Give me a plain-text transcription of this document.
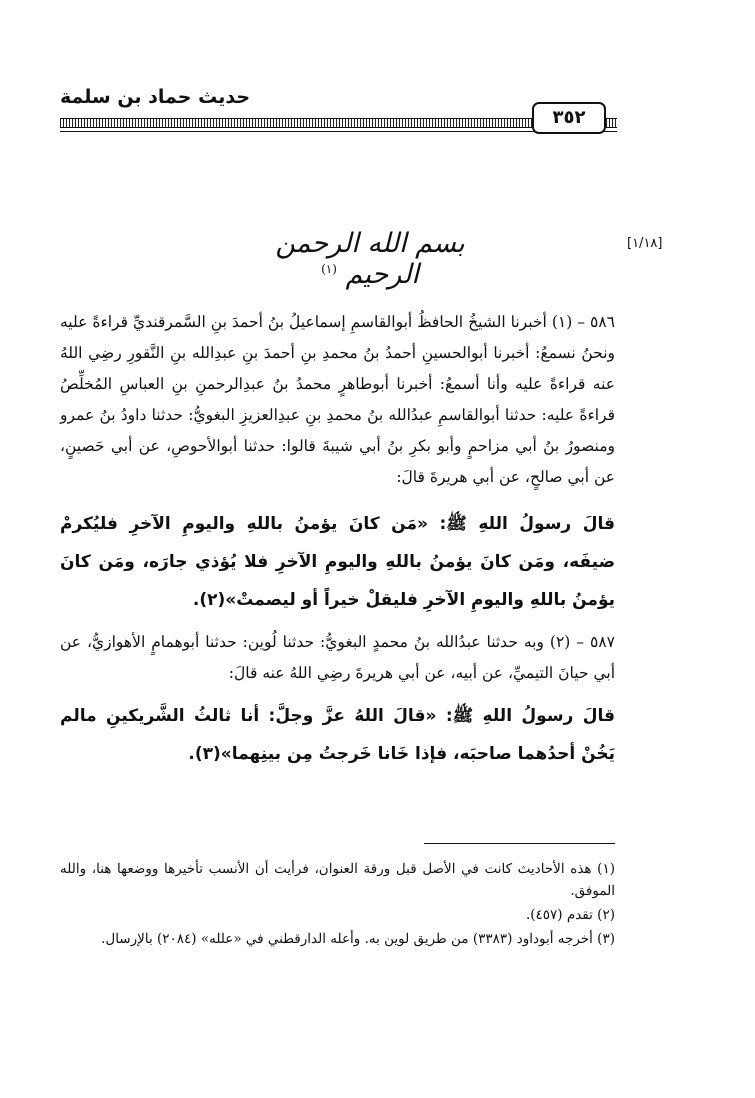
حديث حماد بن سلمة
٣٥٢
بسم الله الرحمن الرحيم $^{(١)}$
[١/١٨]

٥٨٦ – (١) أخبرنا الشيخُ الحافظُ أبوالقاسمِ إسماعيلُ بنُ أحمدَ بنِ السَّمرقنديِّ قراءةً عليه ونحنُ نسمعُ: أخبرنا أبوالحسينِ أحمدُ بنُ محمدِ بنِ أحمدَ بنِ عبدِالله بنِ النَّقورِ رضِي اللهُ عنه قراءةً عليه وأنا أسمعُ: أخبرنا أبوطاهرٍ محمدُ بنُ عبدِالرحمنِ بنِ العباسِ المُخلِّصُ قراءةً عليه: حدثنا أبوالقاسمِ عبدُالله بنُ محمدِ بنِ عبدِالعزيزِ البغويُّ: حدثنا داودُ بنُ عمرو ومنصورُ بنُ أبي مزاحمٍ وأبو بكرِ بنُ أبي شيبةَ قالوا: حدثنا أبوالأحوصِ، عن أبي حَصينٍ، عن أبي صالحٍ، عن أبي هريرةَ قالَ:

قالَ رسولُ اللهِ ﷺ: «مَن كانَ يؤمنُ باللهِ واليومِ الآخرِ فليُكرمْ ضيفَه، ومَن كانَ يؤمنُ باللهِ واليومِ الآخرِ فلا يُؤذي جارَه، ومَن كانَ يؤمنُ باللهِ واليومِ الآخرِ فليقلْ خيراً أو ليصمتْ»(٢).

٥٨٧ – (٢) وبه حدثنا عبدُالله بنُ محمدٍ البغويُّ: حدثنا لُوين: حدثنا أبوهمامٍ الأهوازيُّ، عن أبي حيانَ التيميِّ، عن أبيه، عن أبي هريرةَ رضِي اللهُ عنه قالَ:

قالَ رسولُ اللهِ ﷺ: «قالَ اللهُ عزَّ وجلَّ: أنا ثالثُ الشَّريكينِ مالم يَخُنْ أحدُهما صاحبَه، فإذا خَانا خَرجتُ مِن بينِهما»(٣).

(١) هذه الأحاديث كانت في الأصل قبل ورقة العنوان، فرأيت أن الأنسب تأخيرها ووضعها هنا، والله الموفق.

(٢) تقدم (٤٥٧).

(٣) أخرجه أبوداود (٣٣٨٣) من طريق لوين به. وأعله الدارقطني في «علله» (٢٠٨٤) بالإرسال.
